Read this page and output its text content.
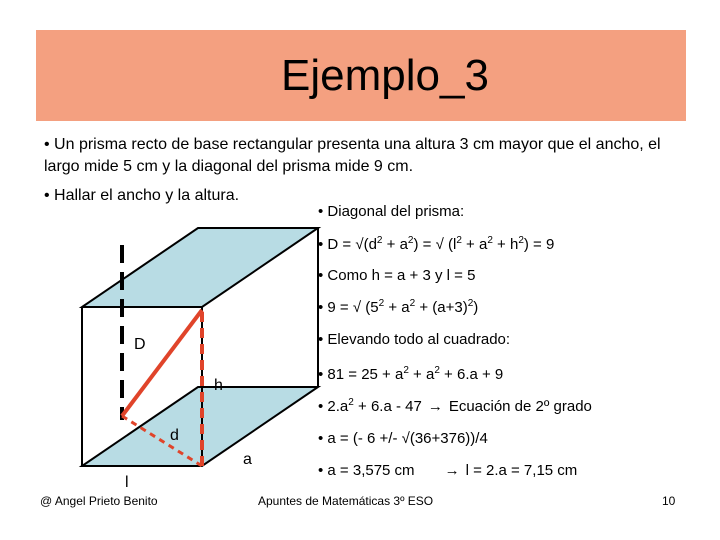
Ejemplo_3

• Un prisma recto de base rectangular presenta una altura 3 cm mayor que el ancho, el largo mide 5 cm y la diagonal del prisma mide 9 cm.

• Hallar el ancho y la altura.

D
h
d
a
l

• Diagonal del prisma:

• $D = √(d^2 + a^2)$ = √ $(l^2 + a^2 + h^2) = 9$

• Como h = a + 3 y l = 5

• 9 = √ $(5^2 + a^2 + (a+3)^2)$

• Elevando todo al cuadrado:

• $81 = 25 + a^2 + a^2 + 6.a + 9$

• $2.a^2 + 6.a - 47$ → Ecuación de 2º grado

• a = (- 6 +/- √(36+376))/4

• a = 3,575 cm → l = 2.a = 7,15 cm

@ Angel Prieto Benito	Apuntes de Matemáticas 3º ESO	10
